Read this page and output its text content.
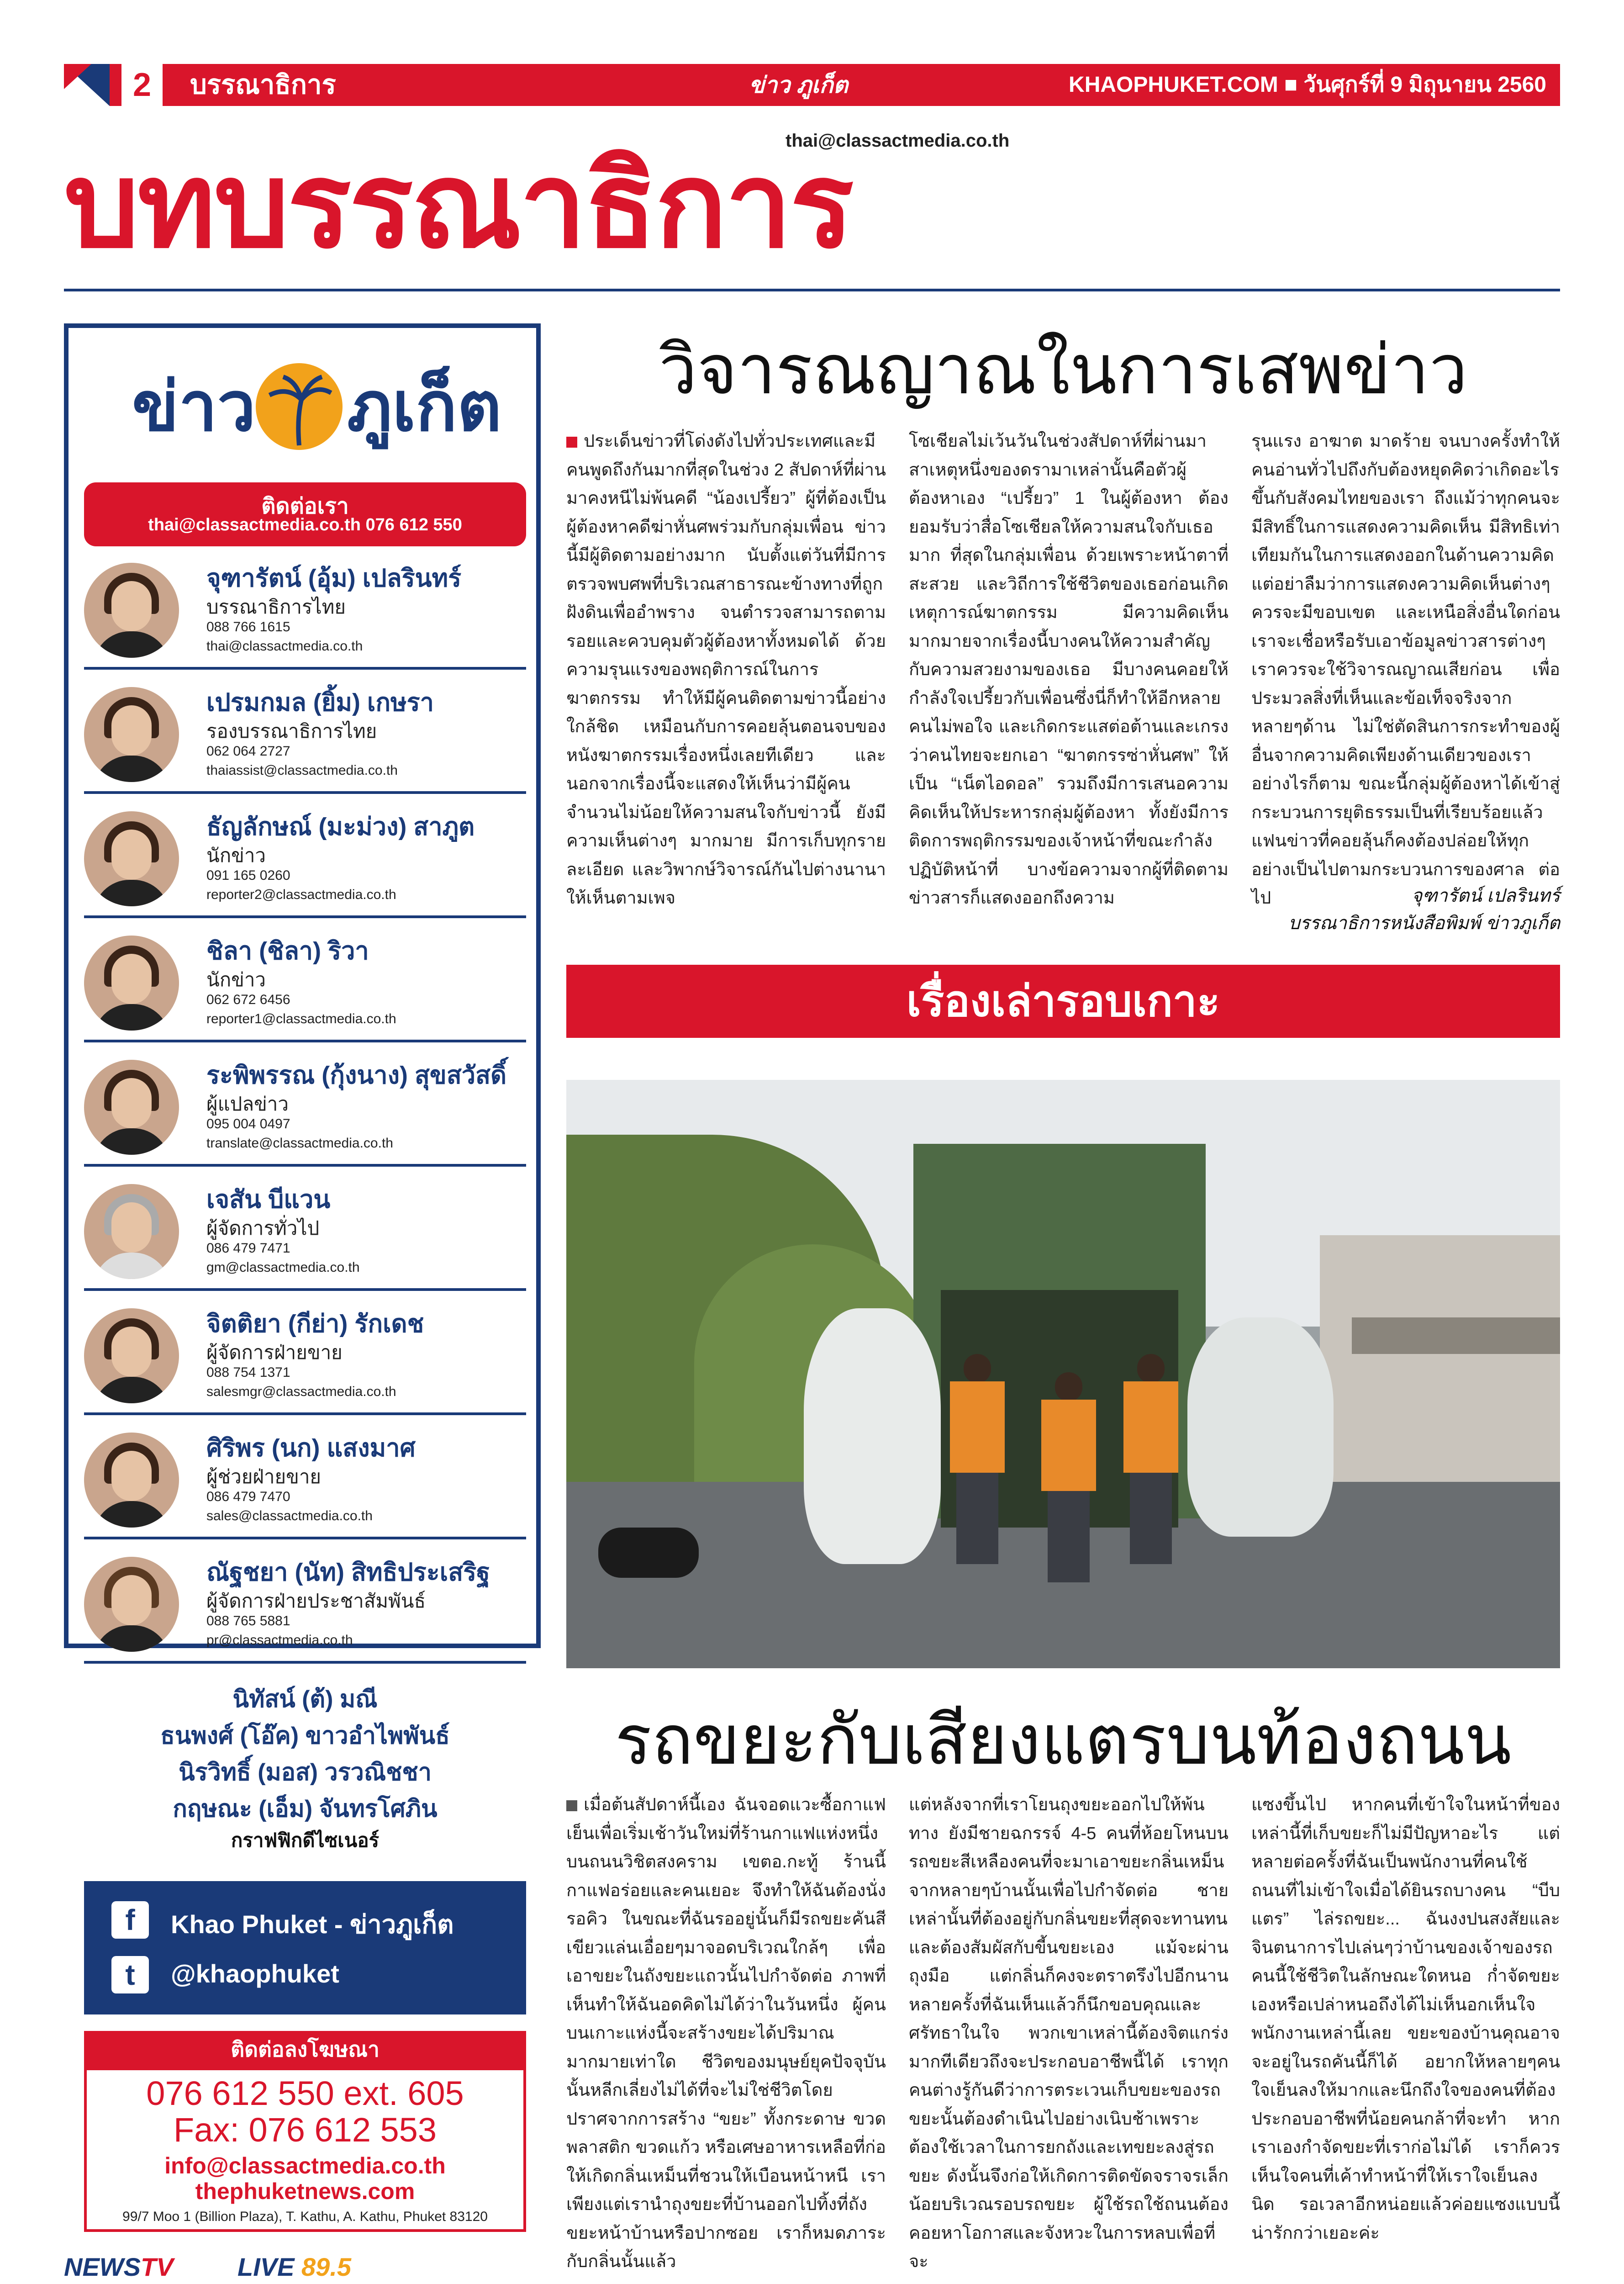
2	บรรณาธิการ	ข่าว ภูเก็ต	KHAOPHUKET.COM ■ วันศุกร์ที่ 9 มิถุนายน 2560
thai@classactmedia.co.th
บทบรรณาธิการ
ข่าว ภูเก็ต
ติดต่อเรา
thai@classactmedia.co.th 076 612 550
จุฑารัตน์ (อุ้ม) เปลรินทร์
บรรณาธิการไทย
088 766 1615
thai@classactmedia.co.th
เปรมกมล (ยิ้ม) เกษรา
รองบรรณาธิการไทย
062 064 2727
thaiassist@classactmedia.co.th
ธัญลักษณ์ (มะม่วง) สาภูต
นักข่าว
091 165 0260
reporter2@classactmedia.co.th
ชิลา (ชิลา) ริวา
นักข่าว
062 672 6456
reporter1@classactmedia.co.th
ระพิพรรณ (กุ้งนาง) สุขสวัสดิ์
ผู้แปลข่าว
095 004 0497
translate@classactmedia.co.th
เจสัน บีแวน
ผู้จัดการทั่วไป
086 479 7471
gm@classactmedia.co.th
จิตติยา (กีย่า) รักเดช
ผู้จัดการฝ่ายขาย
088 754 1371
salesmgr@classactmedia.co.th
ศิริพร (นก) แสงมาศ
ผู้ช่วยฝ่ายขาย
086 479 7470
sales@classactmedia.co.th
ณัฐชยา (นัท) สิทธิประเสริฐ
ผู้จัดการฝ่ายประชาสัมพันธ์
088 765 5881
pr@classactmedia.co.th
นิทัสน์ (ต้) มณี
ธนพงศ์ (โอ๊ค) ขาวอำไพพันธ์
นิรวิทธิ์ (มอส) วรวณิชชา
กฤษณะ (เอ็ม) จันทรโศภิน
กราฟฟิกดีไซเนอร์
f	Khao Phuket - ข่าวภูเก็ต
t	@khaophuket
ติดต่อลงโฆษณา
076 612 550 ext. 605
Fax: 076 612 553
info@classactmedia.co.th
thephuketnews.com
99/7 Moo 1 (Billion Plaza), T. Kathu, A. Kathu, Phuket 83120
NEWSTV	LIVE 89.5
วิจารณญาณในการเสพข่าว
ประเด็นข่าวที่โด่งดังไปทั่วประเทศและมีคนพูดถึงกันมากที่สุดในช่วง 2 สัปดาห์ที่ผ่านมาคงหนีไม่พ้นคดี “น้องเปรี้ยว” ผู้ที่ต้องเป็นผู้ต้องหาคดีฆ่าหั่นศพร่วมกับกลุ่มเพื่อน ข่าวนี้มีผู้ติดตามอย่างมาก นับตั้งแต่วันที่มีการตรวจพบศพที่บริเวณสาธารณะข้างทางที่ถูกฝังดินเพื่ออำพราง จนตำรวจสามารถตามรอยและควบคุมตัวผู้ต้องหาทั้งหมดได้ ด้วยความรุนแรงของพฤติการณ์ในการฆาตกรรม ทำให้มีผู้คนติดตามข่าวนี้อย่างใกล้ชิด เหมือนกับการคอยลุ้นตอนจบของหนังฆาตกรรมเรื่องหนึ่งเลยทีเดียว และนอกจากเรื่องนี้จะแสดงให้เห็นว่ามีผู้คนจำนวนไม่น้อยให้ความสนใจกับข่าวนี้ ยังมีความเห็นต่างๆ มากมาย มีการเก็บทุกรายละเอียด และวิพากษ์วิจารณ์กันไปต่างนานา ให้เห็นตามเพจ
โซเชียลไม่เว้นวันในช่วงสัปดาห์ที่ผ่านมา สาเหตุหนึ่งของดรามาเหล่านั้นคือตัวผู้ต้องหาเอง “เปรี้ยว” 1 ในผู้ต้องหา ต้องยอมรับว่าสื่อโซเชียลให้ความสนใจกับเธอมาก ที่สุดในกลุ่มเพื่อน ด้วยเพราะหน้าตาที่สะสวย และวิถีการใช้ชีวิตของเธอก่อนเกิดเหตุการณ์ฆาตกรรม มีความคิดเห็นมากมายจากเรื่องนี้บางคนให้ความสำคัญกับความสวยงามของเธอ มีบางคนคอยให้กำลังใจเปรี้ยวกับเพื่อนซึ่งนี่ก็ทำให้อีกหลายคนไม่พอใจ และเกิดกระแสต่อต้านและเกรงว่าคนไทยจะยกเอา “ฆาตกรรซ่าหั่นศพ” ให้เป็น “เน็ตไอดอล” รวมถึงมีการเสนอความคิดเห็นให้ประหารกลุ่มผู้ต้องหา ทั้งยังมีการติดการพฤติกรรมของเจ้าหน้าที่ขณะกำลังปฏิบัติหน้าที่ บางข้อความจากผู้ที่ติดตามข่าวสารก็แสดงออกถึงความ
รุนแรง อาฆาต มาดร้าย จนบางครั้งทำให้คนอ่านทั่วไปถึงกับต้องหยุดคิดว่าเกิดอะไรขึ้นกับสังคมไทยของเรา ถึงแม้ว่าทุกคนจะมีสิทธิ์ในการแสดงความคิดเห็น มีสิทธิเท่าเทียมกันในการแสดงออกในด้านความคิด แต่อย่าลืมว่าการแสดงความคิดเห็นต่างๆควรจะมีขอบเขต และเหนือสิ่งอื่นใดก่อนเราจะเชื่อหรือรับเอาข้อมูลข่าวสารต่างๆเราควรจะใช้วิจารณญาณเสียก่อน เพื่อประมวลสิ่งที่เห็นและข้อเท็จจริงจากหลายๆด้าน ไม่ใช่ตัดสินการกระทำของผู้อื่นจากความคิดเพียงด้านเดียวของเรา อย่างไรก็ตาม ขณะนี้กลุ่มผู้ต้องหาได้เข้าสู่กระบวนการยุติธรรมเป็นที่เรียบร้อยแล้ว แฟนข่าวที่คอยลุ้นก็คงต้องปล่อยให้ทุกอย่างเป็นไปตามกระบวนการของศาล ต่อไป	จุฑารัตน์ เปลรินทร์
บรรณาธิการหนังสือพิมพ์ ข่าวภูเก็ต
เรื่องเล่ารอบเกาะ
รถขยะกับเสียงแตรบนท้องถนน
เมื่อต้นสัปดาห์นี้เอง ฉันจอดแวะซื้อกาแฟเย็นเพื่อเริ่มเช้าวันใหม่ที่ร้านกาแฟแห่งหนึ่งบนถนนวิชิตสงคราม เขตอ.กะทู้ ร้านนี้กาแฟอร่อยและคนเยอะ จึงทำให้ฉันต้องนั่งรอคิว ในขณะที่ฉันรออยู่นั้นก็มีรถขยะคันสีเขียวแล่นเอื่อยๆมาจอดบริเวณใกล้ๆ เพื่อเอาขยะในถังขยะแถวนั้นไปกำจัดต่อ ภาพที่เห็นทำให้ฉันอดคิดไม่ได้ว่าในวันหนึ่ง ผู้คนบนเกาะแห่งนี้จะสร้างขยะได้ปริมาณมากมายเท่าใด ชีวิตของมนุษย์ยุคปัจจุบันนั้นหลีกเลี่ยงไม่ได้ที่จะไม่ใช่ชีวิตโดยปราศจากการสร้าง “ขยะ” ทั้งกระดาษ ขวดพลาสติก ขวดแก้ว หรือเศษอาหารเหลือที่ก่อให้เกิดกลิ่นเหม็นที่ชวนให้เบือนหน้าหนี เราเพียงแต่เรานำถุงขยะที่บ้านออกไปทิ้งที่ถังขยะหน้าบ้านหรือปากซอย เราก็หมดภาระกับกลิ่นนั้นแล้ว
แต่หลังจากที่เราโยนถุงขยะออกไปให้พ้นทาง ยังมีชายฉกรรจ์ 4-5 คนที่ห้อยโหนบนรถขยะสีเหลืองคนที่จะมาเอาขยะกลิ่นเหม็นจากหลายๆบ้านนั้นเพื่อไปกำจัดต่อ ชายเหล่านั้นที่ต้องอยู่กับกลิ่นขยะที่สุดจะทานทนและต้องสัมผัสกับขี้นขยะเอง แม้จะผ่านถุงมือ แต่กลิ่นก็คงจะตราตรึงไปอีกนาน หลายครั้งที่ฉันเห็นแล้วก็นึกขอบคุณและศรัทธาในใจ พวกเขาเหล่านี้ต้องจิตแกร่งมากทีเดียวถึงจะประกอบอาชีพนี้ได้ เราทุกคนต่างรู้กันดีว่าการตระเวนเก็บขยะของรถขยะนั้นต้องดำเนินไปอย่างเนิบช้าเพราะต้องใช้เวลาในการยกถังและเทขยะลงสู่รถขยะ ดังนั้นจึงก่อให้เกิดการติดขัดจราจรเล็กน้อยบริเวณรอบรถขยะ ผู้ใช้รถใช้ถนนต้องคอยหาโอกาสและจังหวะในการหลบเพื่อที่จะ
แซงขึ้นไป หากคนที่เข้าใจในหน้าที่ของเหล่านี้ที่เก็บขยะก็ไม่มีปัญหาอะไร แต่หลายต่อครั้งที่ฉันเป็นพนักงานที่คนใช้ถนนที่ไม่เข้าใจเมื่อได้ยินรถบางคน “บีบแตร” ไล่รถขยะ... ฉันงงปนสงสัยและจินตนาการไปเล่นๆว่าบ้านของเจ้าของรถคนนี้ใช้ชีวิตในลักษณะใดหนอ ก่ำจัดขยะเองหรือเปล่าหนอถึงได้ไม่เห็นอกเห็นใจพนักงานเหล่านี้เลย ขยะของบ้านคุณอาจจะอยู่ในรถคันนี้ก็ได้ อยากให้หลายๆคนใจเย็นลงให้มากและนึกถึงใจของคนที่ต้องประกอบอาชีพที่น้อยคนกล้าที่จะทำ หากเราเองกำจัดขยะที่เราก่อไม่ได้ เราก็ควรเห็นใจคนที่เค้าทำหน้าที่ให้เราใจเย็นลงนิด รอเวลาอีกหน่อยแล้วค่อยแซงแบบนี้น่ารักกว่าเยอะค่ะ
